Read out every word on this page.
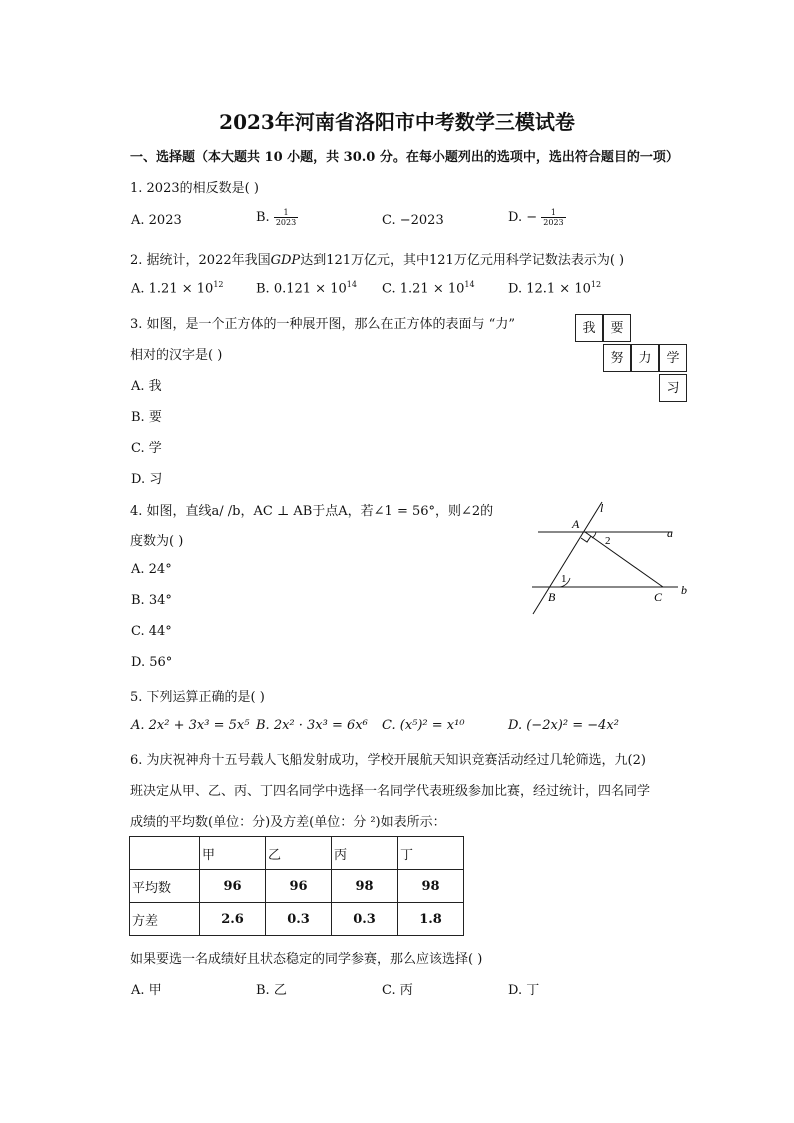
2023年河南省洛阳市中考数学三模试卷
一、选择题（本大题共 10 小题，共 30.0 分。在每小题列出的选项中，选出符合题目的一项）
1. 2023的相反数是( )
A. 2023	B. $\frac{1}{2023}$	C. −2023	D. − $\frac{1}{2023}$
2. 据统计，2022年我国GDP达到121万亿元，其中121万亿元用科学记数法表示为( )
A. $1.21 \times 10^{12}$	B. $0.121 \times 10^{14}$ C. $1.21 \times 10^{14}$	D. $12.1 \times 10^{12}$
3. 如图，是一个正方体的一种展开图，那么在正方体的表面与 “力”
相对的汉字是( )
A. 我
B. 要
C. 学
D. 习
我	要
努	力	学
习
4. 如图，直线a/ /b，AC ⊥ AB于点A，若∠1 = 56°，则∠2的
度数为( )
A. 24°
B. 34°
C. 44°
D. 56°
l
a
b
A
B	C
1
2
5. 下列运算正确的是( )
A. 2x² + 3x³ = 5x⁵ B. 2x² · 3x³ = 6x⁶ C. (x⁵)² = x¹⁰	D. (−2x)² = −4x²
6. 为庆祝神舟十五号载人飞船发射成功，学校开展航天知识竞赛活动经过几轮筛选，九(2)
班决定从甲、乙、丙、丁四名同学中选择一名同学代表班级参加比赛，经过统计，四名同学
成绩的平均数(单位：分)及方差(单位：分 ²)如表所示：
	甲	乙	丙	丁
平均数	96	96	98	98
方差	2.6	0.3	0.3	1.8
如果要选一名成绩好且状态稳定的同学参赛，那么应该选择( )
A. 甲	B. 乙	C. 丙	D. 丁
